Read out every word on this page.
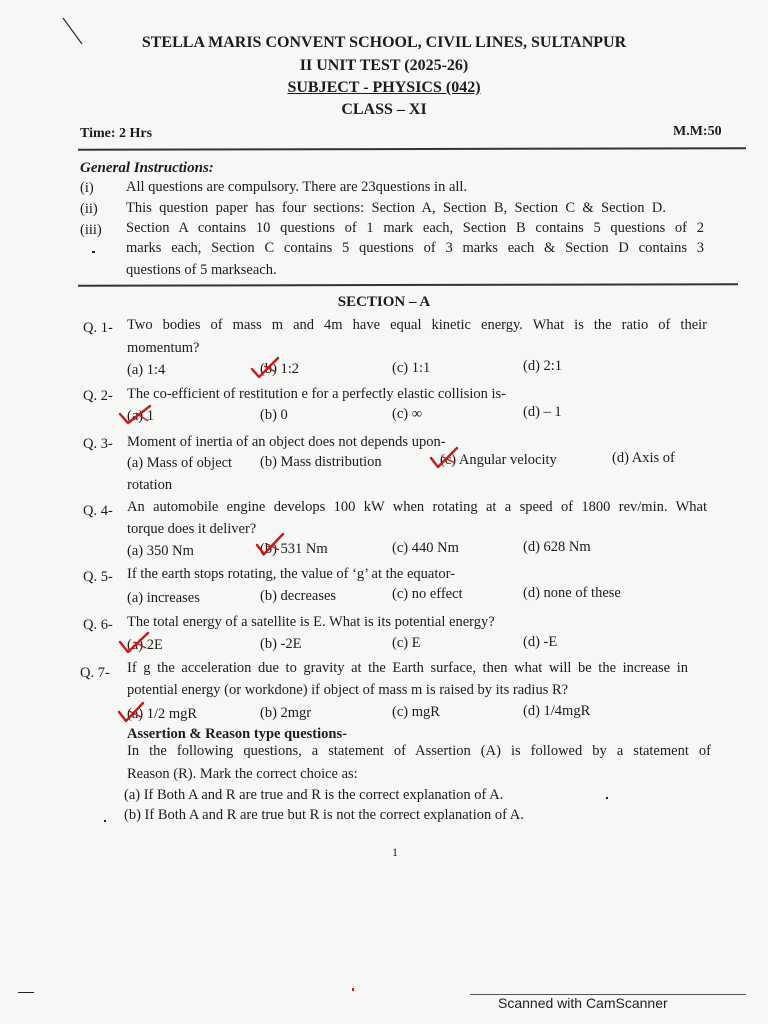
STELLA MARIS CONVENT SCHOOL, CIVIL LINES, SULTANPUR
II UNIT TEST (2025-26)
SUBJECT - PHYSICS (042)
CLASS – XI
Time: 2 Hrs	M.M:50
General Instructions:
(i) All questions are compulsory. There are 23questions in all.
(ii) This question paper has four sections: Section A, Section B, Section C & Section D.
(iii) Section A contains 10 questions of 1 mark each, Section B contains 5 questions of 2
marks each, Section C contains 5 questions of 3 marks each & Section D contains 3
questions of 5 markseach.
SECTION – A
Q. 1- Two bodies of mass m and 4m have equal kinetic energy. What is the ratio of their
momentum?
(a) 1:4	(b) 1:2	(c) 1:1	(d) 2:1
Q. 2- The co-efficient of restitution e for a perfectly elastic collision is-
(a) 1	(b) 0	(c) ∞	(d) – 1
Q. 3- Moment of inertia of an object does not depends upon-
(a) Mass of object (b) Mass distribution	(c) Angular velocity	(d) Axis of
rotation
Q. 4- An automobile engine develops 100 kW when rotating at a speed of 1800 rev/min. What
torque does it deliver?
(a) 350 Nm	(b) 531 Nm	(c) 440 Nm	(d) 628 Nm
Q. 5- If the earth stops rotating, the value of ‘g’ at the equator-
(a) increases	(b) decreases	(c) no effect	(d) none of these
Q. 6- The total energy of a satellite is E. What is its potential energy?
(a) 2E	(b) -2E	(c) E	(d) -E
Q. 7- If g the acceleration due to gravity at the Earth surface, then what will be the increase in
potential energy (or workdone) if object of mass m is raised by its radius R?
(a) 1/2 mgR	(b) 2mgr	(c) mgR	(d) 1/4mgR
Assertion & Reason type questions-
In the following questions, a statement of Assertion (A) is followed by a statement of
Reason (R). Mark the correct choice as:
(a) If Both A and R are true and R is the correct explanation of A.
(b) If Both A and R are true but R is not the correct explanation of A.
1
Scanned with CamScanner
